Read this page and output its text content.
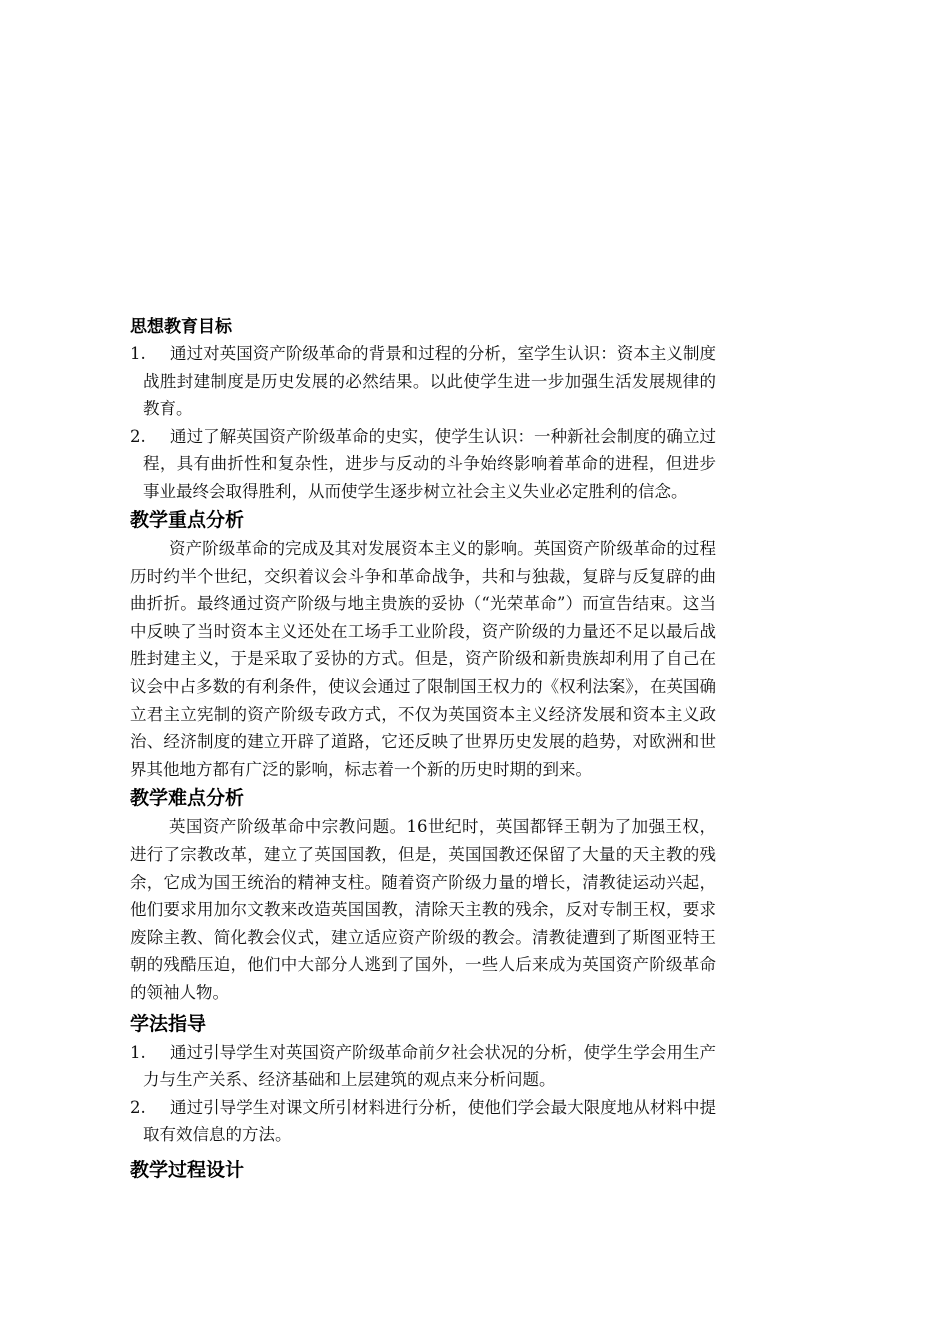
思想教育目标
1.	通过对英国资产阶级革命的背景和过程的分析，室学生认识：资本主义制度战胜封建制度是历史发展的必然结果。以此使学生进一步加强生活发展规律的教育。
2.	通过了解英国资产阶级革命的史实，使学生认识：一种新社会制度的确立过程，具有曲折性和复杂性，进步与反动的斗争始终影响着革命的进程，但进步事业最终会取得胜利，从而使学生逐步树立社会主义失业必定胜利的信念。
教学重点分析

资产阶级革命的完成及其对发展资本主义的影响。英国资产阶级革命的过程历时约半个世纪，交织着议会斗争和革命战争，共和与独裁，复辟与反复辟的曲曲折折。最终通过资产阶级与地主贵族的妥协（“光荣革命”）而宣告结束。这当中反映了当时资本主义还处在工场手工业阶段，资产阶级的力量还不足以最后战胜封建主义，于是采取了妥协的方式。但是，资产阶级和新贵族却利用了自己在议会中占多数的有利条件，使议会通过了限制国王权力的《权利法案》，在英国确立君主立宪制的资产阶级专政方式，不仅为英国资本主义经济发展和资本主义政治、经济制度的建立开辟了道路，它还反映了世界历史发展的趋势，对欧洲和世界其他地方都有广泛的影响，标志着一个新的历史时期的到来。

教学难点分析

英国资产阶级革命中宗教问题。16世纪时，英国都铎王朝为了加强王权，进行了宗教改革，建立了英国国教，但是，英国国教还保留了大量的天主教的残余，它成为国王统治的精神支柱。随着资产阶级力量的增长，清教徒运动兴起，他们要求用加尔文教来改造英国国教，清除天主教的残余，反对专制王权，要求废除主教、简化教会仪式，建立适应资产阶级的教会。清教徒遭到了斯图亚特王朝的残酷压迫，他们中大部分人逃到了国外，一些人后来成为英国资产阶级革命的领袖人物。

学法指导
1.	通过引导学生对英国资产阶级革命前夕社会状况的分析，使学生学会用生产力与生产关系、经济基础和上层建筑的观点来分析问题。
2.	通过引导学生对课文所引材料进行分析，使他们学会最大限度地从材料中提取有效信息的方法。
教学过程设计
